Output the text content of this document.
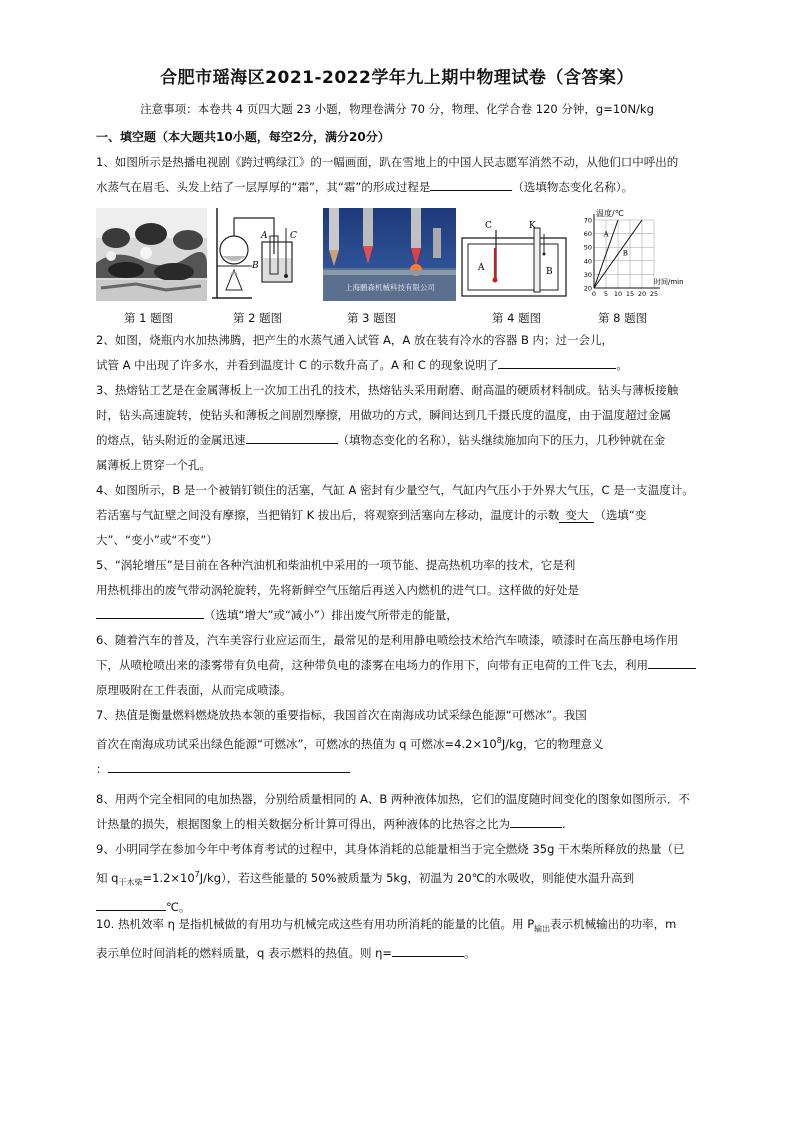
合肥市瑶海区2021-2022学年九上期中物理试卷（含答案）
注意事项：本卷共 4 页四大题 23 小题，物理卷满分 70 分，物理、化学合卷 120 分钟，g=10N/kg
一、填空题（本大题共10小题，每空2分，满分20分）
1、如图所示是热播电视剧《跨过鸭绿江》的一幅画面，趴在雪地上的中国人民志愿军消然不动，从他们口中呼出的
水蒸气在眉毛、头发上结了一层厚厚的“霜”，其“霜”的形成过程是	（选填物态变化名称）。
A	C
B
上海鹏森机械科技有限公司
C	K
A	B
温度/℃
时间/min
70
60
50
40
30
20
0 5 10 15 20 25
A
B
第 1 题图	第 2 题图	第 3 题图	第 4 题图	第 8 题图
2、如图，烧瓶内水加热沸腾，把产生的水蒸气通入试管 A，A 放在装有冷水的容器 B 内；过一会儿，
试管 A 中出现了许多水，并看到温度计 C 的示数升高了。A 和 C 的现象说明了	。
3、热熔钻工艺是在金属薄板上一次加工出孔的技术，热熔钻头采用耐磨、耐高温的硬质材料制成。钻头与薄板接触
时，钻头高速旋转，使钻头和薄板之间剧烈摩擦，用做功的方式，瞬间达到几千摄氏度的温度，由于温度超过金属
的熔点，钻头附近的金属迅速	（填物态变化的名称），钻头继续施加向下的压力，几秒钟就在金
属薄板上贯穿一个孔。
4、如图所示，B 是一个被销钉锁住的活塞，气缸 A 密封有少量空气，气缸内气压小于外界大气压，C 是一支温度计。
若活塞与气缸壁之间没有摩擦，当把销钉 K 拔出后，将观察到活塞向左移动，温度计的示数 变大 （选填“变
大”、“变小”或“不变”）
5、“涡轮增压”是目前在各种汽油机和柴油机中采用的一项节能、提高热机功率的技术，它是利
用热机排出的废气带动涡轮旋转，先将新鲜空气压缩后再送入内燃机的进气口。这样做的好处是
（选填“增大”或“减小”）排出废气所带走的能量，
6、随着汽车的普及，汽车美容行业应运而生，最常见的是利用静电喷绘技术给汽车喷漆，喷漆时在高压静电场作用
下，从喷枪喷出来的漆雾带有负电荷，这种带负电的漆雾在电场力的作用下，向带有正电荷的工件飞去，利用
原理吸附在工件表面，从而完成喷漆。
7、热值是衡量燃料燃烧放热本领的重要指标，我国首次在南海成功试采绿色能源“可燃冰”。我国
首次在南海成功试采出绿色能源“可燃冰”，可燃冰的热值为 q 可燃冰$=4.2\times 10^8J/kg$，它的物理意义
：
8、用两个完全相同的电加热器，分别给质量相同的 A、B 两种液体加热，它们的温度随时间变化的图象如图所示．不
计热量的损失，根据图象上的相关数据分析计算可得出，两种液体的比热容之比为	.
9、小明同学在参加今年中考体育考试的过程中，其身体消耗的总能量相当于完全燃烧 35g 干木柴所释放的热量（已
知 $q_{干木柴}=1.2\times 10^7J/kg$），若这些能量的 50%被质量为 5kg，初温为 20℃的水吸收，则能使水温升高到
℃。
10. 热机效率 η 是指机械做的有用功与机械完成这些有用功所消耗的能量的比值。用 $P_{输出}$表示机械输出的功率，m
表示单位时间消耗的燃料质量，q 表示燃料的热值。则 η=	。
